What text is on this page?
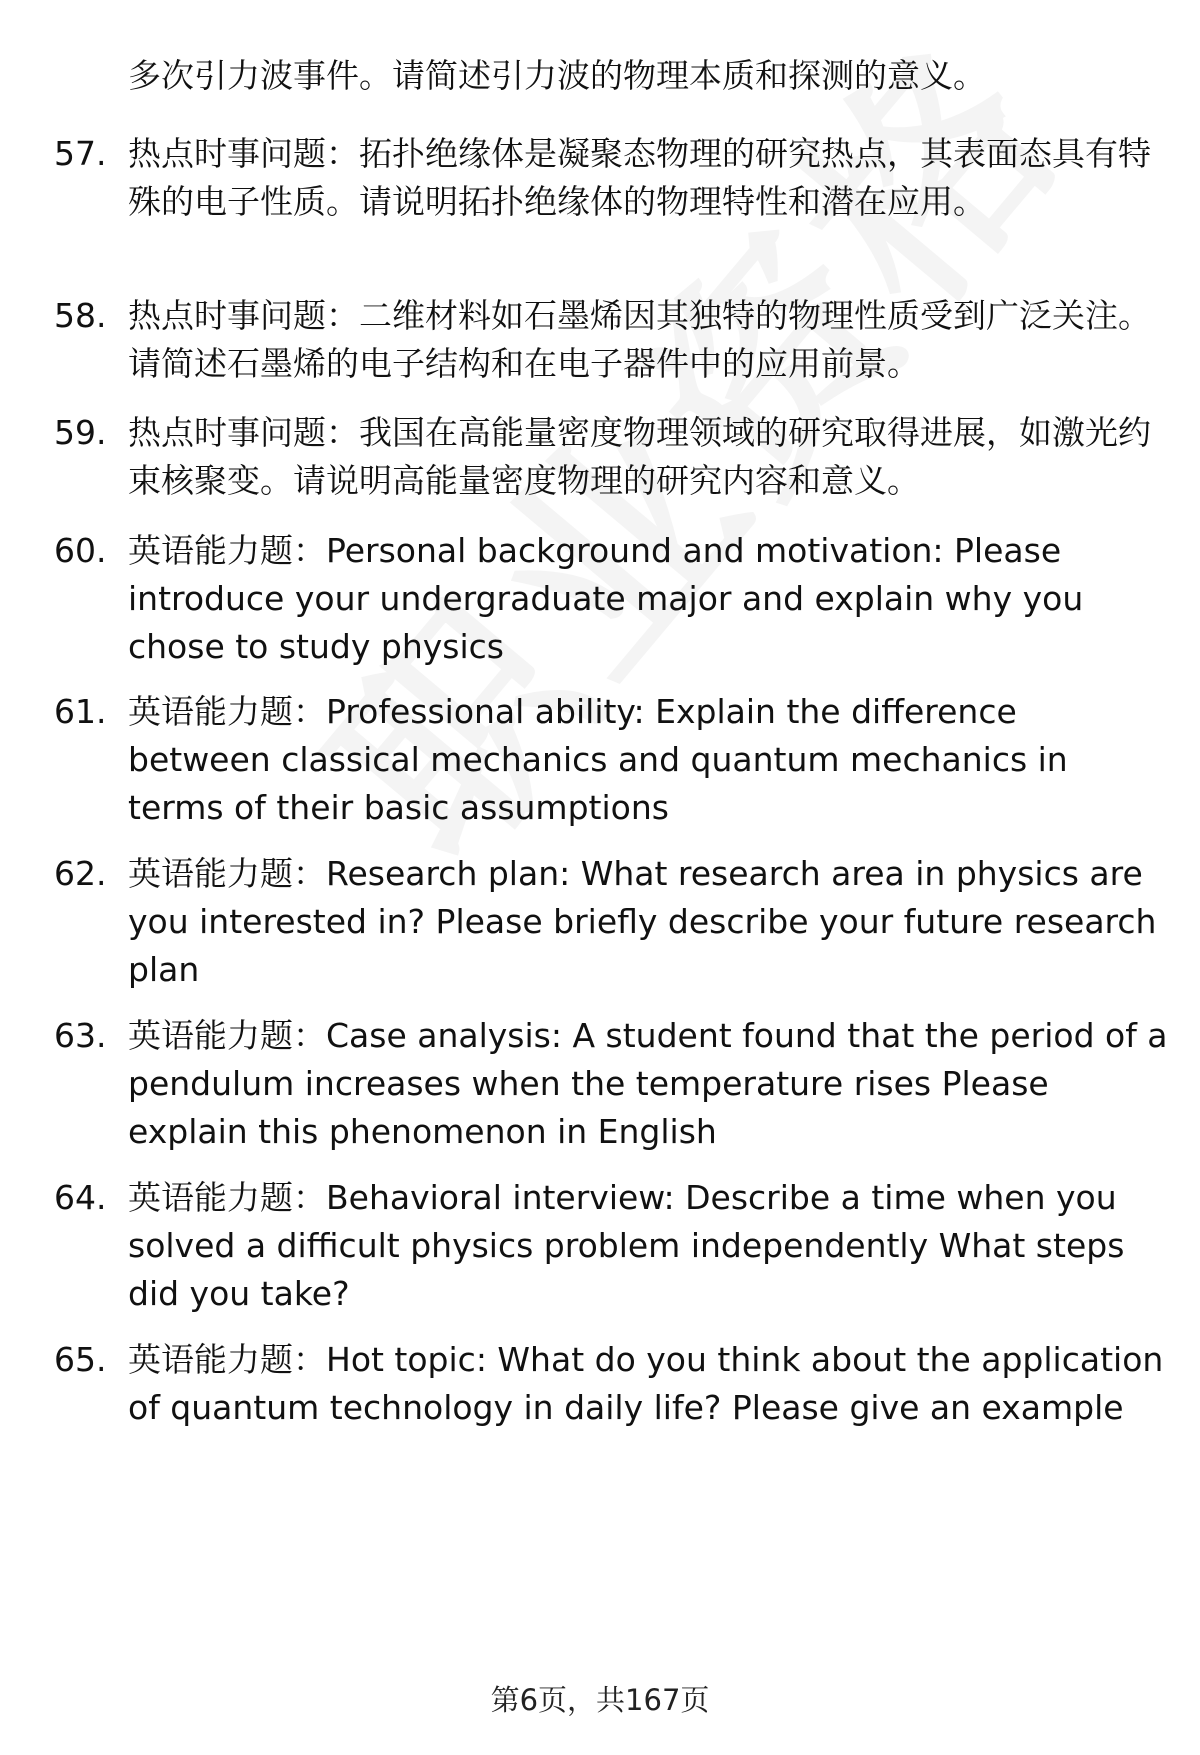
多次引力波事件。请简述引力波的物理本质和探测的意义。
57. 热点时事问题：拓扑绝缘体是凝聚态物理的研究热点，其表面态具有特殊的电子性质。请说明拓扑绝缘体的物理特性和潜在应用。
58. 热点时事问题：二维材料如石墨烯因其独特的物理性质受到广泛关注。请简述石墨烯的电子结构和在电子器件中的应用前景。
59. 热点时事问题：我国在高能量密度物理领域的研究取得进展，如激光约束核聚变。请说明高能量密度物理的研究内容和意义。
60. 英语能力题：Personal background and motivation: Please introduce your undergraduate major and explain why you chose to study physics
61. 英语能力题：Professional ability: Explain the difference between classical mechanics and quantum mechanics in terms of their basic assumptions
62. 英语能力题：Research plan: What research area in physics are you interested in? Please briefly describe your future research plan
63. 英语能力题：Case analysis: A student found that the period of a pendulum increases when the temperature rises Please explain this phenomenon in English
64. 英语能力题：Behavioral interview: Describe a time when you solved a difficult physics problem independently What steps did you take?
65. 英语能力题：Hot topic: What do you think about the application of quantum technology in daily life? Please give an example
第6页，共167页
